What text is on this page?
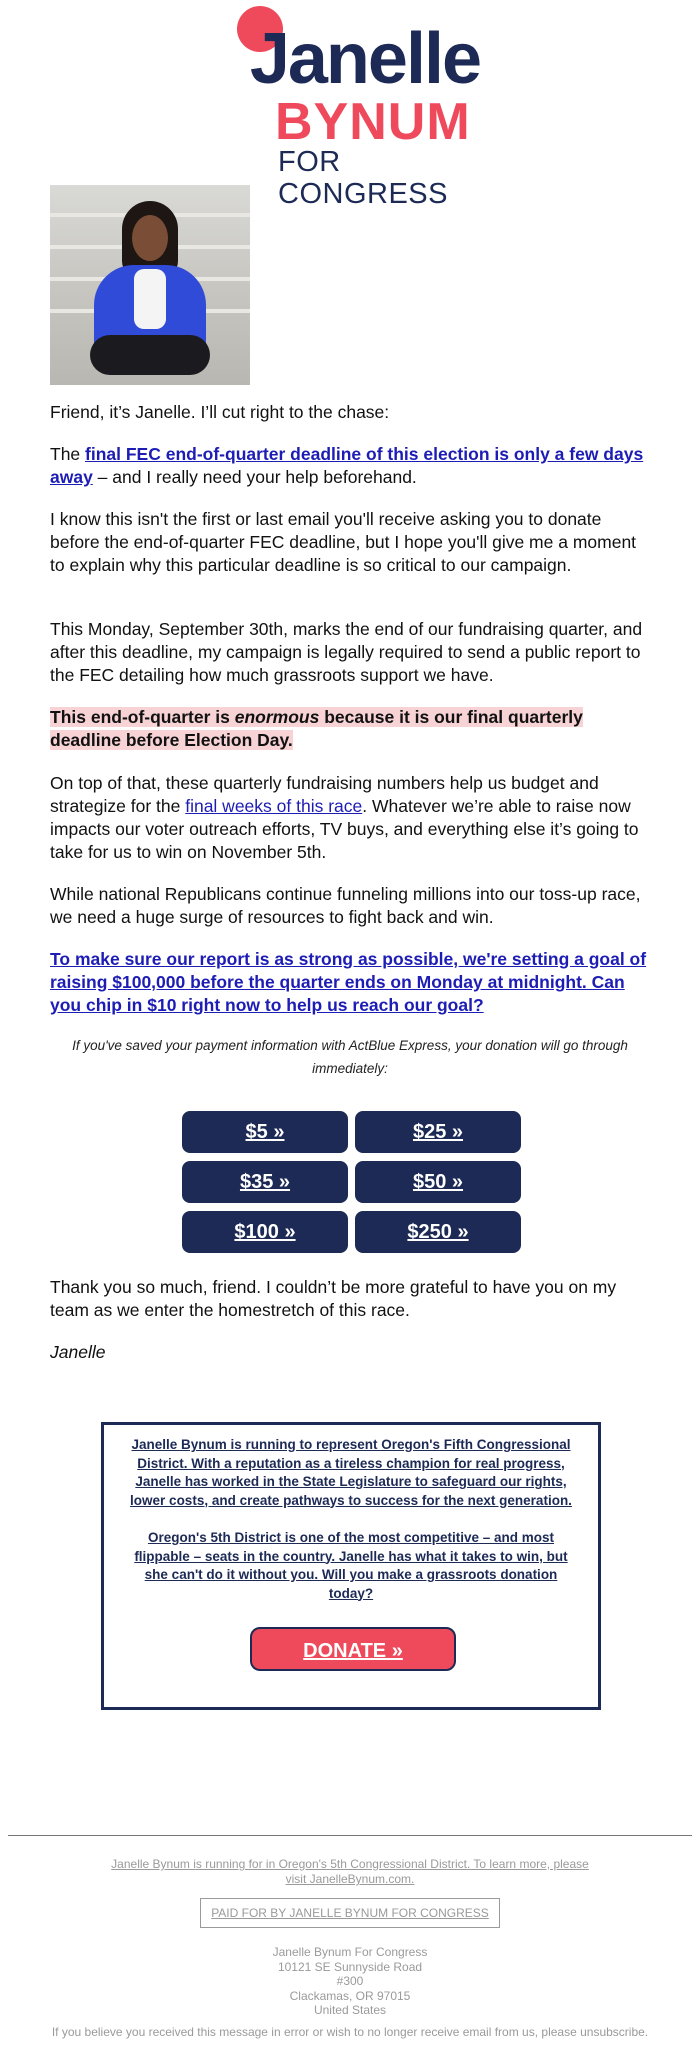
Janelle
BYNUM
FOR CONGRESS

Friend, it’s Janelle. I’ll cut right to the chase:

The final FEC end-of-quarter deadline of this election is only a few days away – and I really need your help beforehand.

I know this isn't the first or last email you'll receive asking you to donate before the end-of-quarter FEC deadline, but I hope you'll give me a moment to explain why this particular deadline is so critical to our campaign.

This Monday, September 30th, marks the end of our fundraising quarter, and after this deadline, my campaign is legally required to send a public report to the FEC detailing how much grassroots support we have.

This end-of-quarter is enormous because it is our final quarterly deadline before Election Day.

On top of that, these quarterly fundraising numbers help us budget and strategize for the final weeks of this race. Whatever we’re able to raise now impacts our voter outreach efforts, TV buys, and everything else it’s going to take for us to win on November 5th.

While national Republicans continue funneling millions into our toss-up race, we need a huge surge of resources to fight back and win.

To make sure our report is as strong as possible, we're setting a goal of raising $100,000 before the quarter ends on Monday at midnight. Can you chip in $10 right now to help us reach our goal?

If you've saved your payment information with ActBlue Express, your donation will go through immediately:

$5 »	$25 »
$35 »	$50 »
$100 »	$250 »

Thank you so much, friend. I couldn’t be more grateful to have you on my team as we enter the homestretch of this race.

Janelle

Janelle Bynum is running to represent Oregon's Fifth Congressional District. With a reputation as a tireless champion for real progress, Janelle has worked in the State Legislature to safeguard our rights, lower costs, and create pathways to success for the next generation.

Oregon's 5th District is one of the most competitive – and most flippable – seats in the country. Janelle has what it takes to win, but she can't do it without you. Will you make a grassroots donation today?

DONATE »

Janelle Bynum is running for in Oregon's 5th Congressional District. To learn more, please visit JanelleBynum.com.

PAID FOR BY JANELLE BYNUM FOR CONGRESS
Janelle Bynum For Congress
10121 SE Sunnyside Road
#300
Clackamas, OR 97015
United States

If you believe you received this message in error or wish to no longer receive email from us, please unsubscribe.
